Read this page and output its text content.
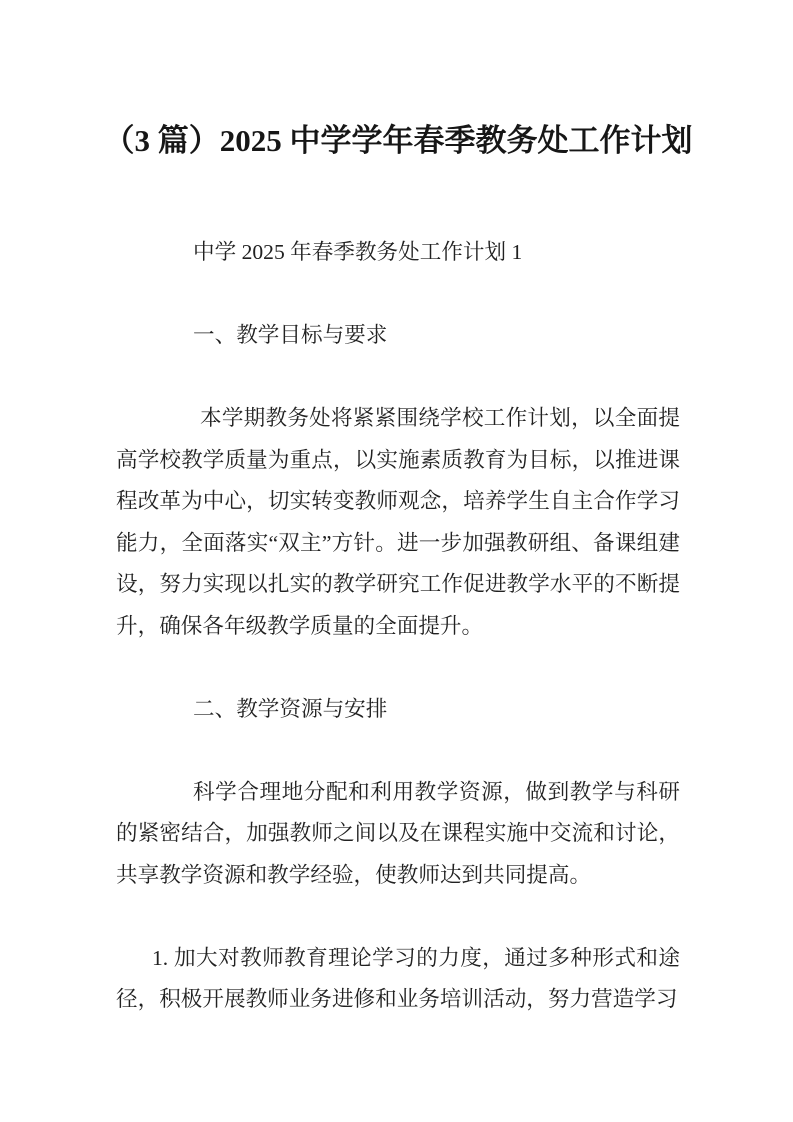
（3 篇）2025 中学学年春季教务处工作计划

中学 2025 年春季教务处工作计划 1

一、教学目标与要求

本学期教务处将紧紧围绕学校工作计划，以全面提高学校教学质量为重点，以实施素质教育为目标，以推进课程改革为中心，切实转变教师观念，培养学生自主合作学习能力，全面落实“双主”方针。进一步加强教研组、备课组建设，努力实现以扎实的教学研究工作促进教学水平的不断提升，确保各年级教学质量的全面提升。

二、教学资源与安排

科学合理地分配和利用教学资源，做到教学与科研的紧密结合，加强教师之间以及在课程实施中交流和讨论，共享教学资源和教学经验，使教师达到共同提高。

1. 加大对教师教育理论学习的力度，通过多种形式和途径，积极开展教师业务进修和业务培训活动，努力营造学习
